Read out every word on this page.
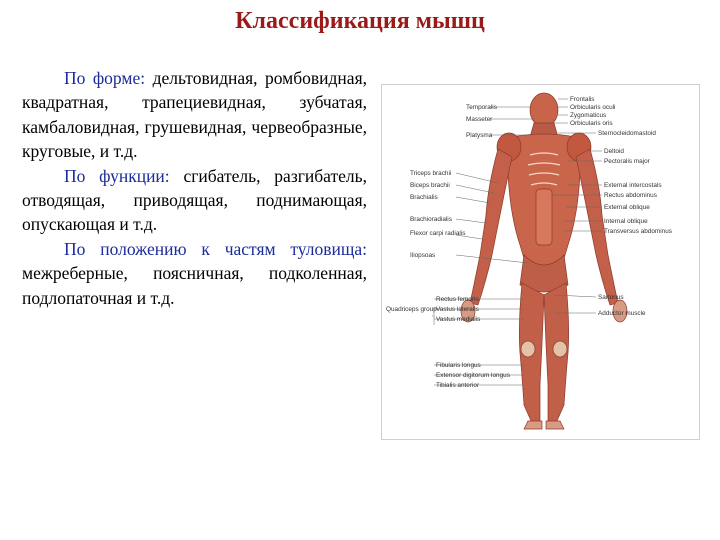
Классификация мышц

По форме: дельтовидная, ромбовидная, квадратная, трапециевидная, зубчатая, камбаловидная, грушевидная, червеобразные, круговые, и т.д.

По функции: сгибатель, разгибатель, отводящая, приводящая, поднимающая, опускающая и т.д.

По положению к частям туловища: межреберные, поясничная, подколенная, подлопаточная и т.д.

Temporalis
Masseter
Platysma
Triceps brachii
Biceps brachii
Brachialis
Brachioradialis
Flexor carpi radialis
Iliopsoas
Frontalis
Orbicularis oculi
Zygomaticus
Orbicularis oris
Sternocleidomastoid
Deltoid
Pectoralis major
External intercostals
Rectus abdominus
External oblique
Internal oblique
Transversus abdominus
Sartorius
Adductor muscle
Quadriceps group
Rectus femoris
Vastus lateralis
Vastus medialis
Fibularis longus
Extensor digitorum longus
Tibialis anterior
